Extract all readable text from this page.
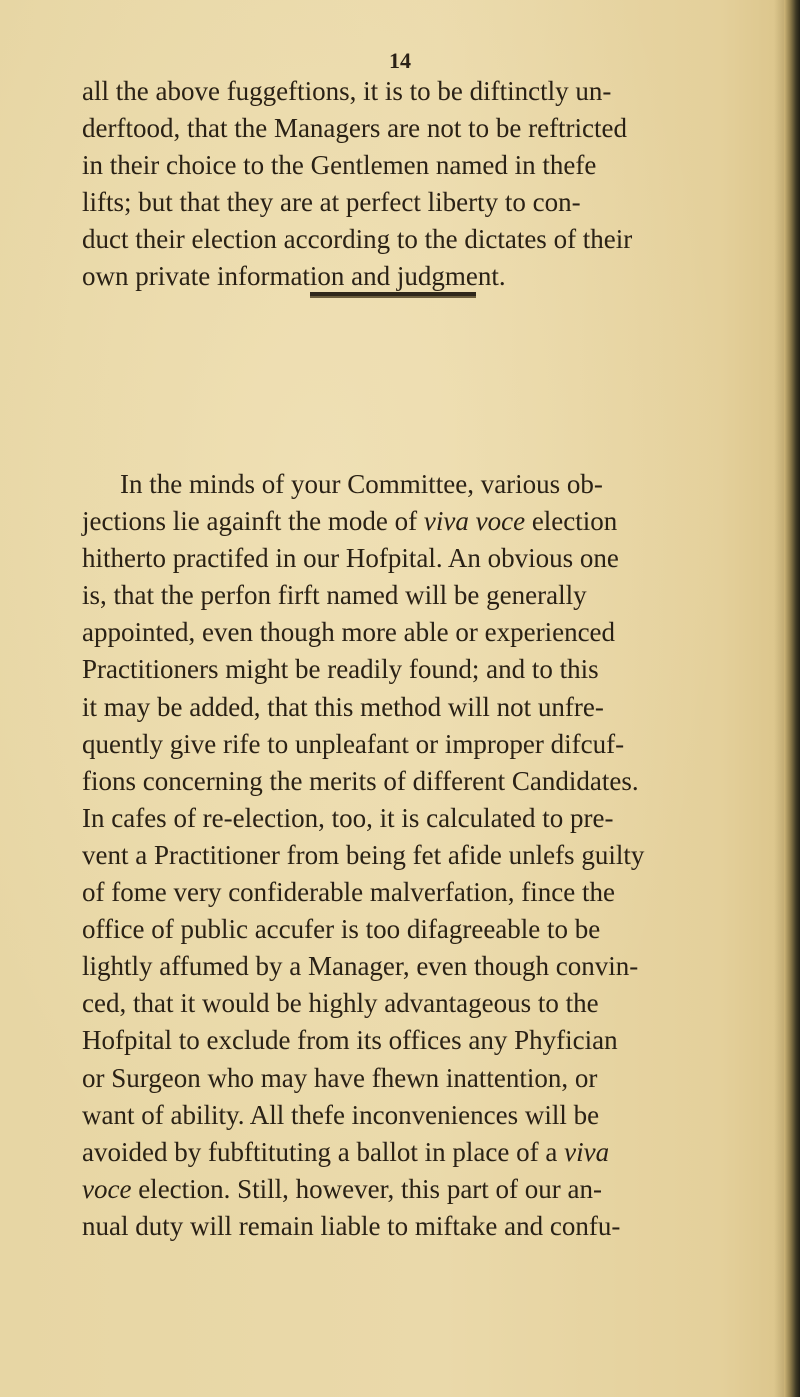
14

all the above fuggeftions, it is to be diftinctly un-
derftood, that the Managers are not to be reftricted
in their choice to the Gentlemen named in thefe
lifts; but that they are at perfect liberty to con-
duct their election according to the dictates of their
own private information and judgment.

In the minds of your Committee, various ob-
jections lie againft the mode of viva voce election
hitherto practifed in our Hofpital. An obvious one
is, that the perfon firft named will be generally
appointed, even though more able or experienced
Practitioners might be readily found; and to this
it may be added, that this method will not unfre-
quently give rife to unpleafant or improper difcuf-
fions concerning the merits of different Candidates.
In cafes of re-election, too, it is calculated to pre-
vent a Practitioner from being fet afide unlefs guilty
of fome very confiderable malverfation, fince the
office of public accufer is too difagreeable to be
lightly affumed by a Manager, even though convin-
ced, that it would be highly advantageous to the
Hofpital to exclude from its offices any Phyfician
or Surgeon who may have fhewn inattention, or
want of ability. All thefe inconveniences will be
avoided by fubftituting a ballot in place of a viva
voce election. Still, however, this part of our an-
nual duty will remain liable to miftake and confu-
